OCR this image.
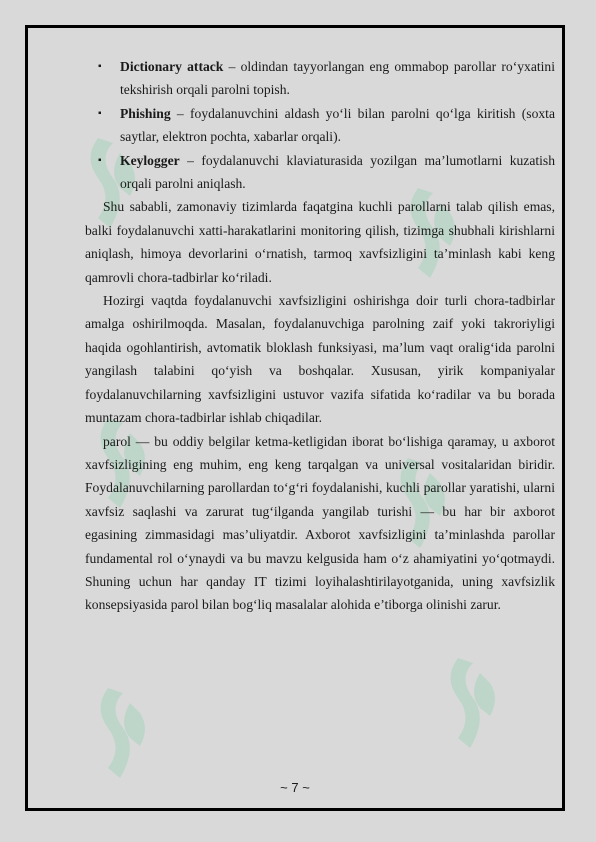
▪ Dictionary attack – oldindan tayyorlangan eng ommabop parollar ro‘yxatini tekshirish orqali parolni topish.
▪ Phishing – foydalanuvchini aldash yo‘li bilan parolni qo‘lga kiritish (soxta saytlar, elektron pochta, xabarlar orqali).
▪ Keylogger – foydalanuvchi klaviaturasida yozilgan ma’lumotlarni kuzatish orqali parolni aniqlash.

Shu sababli, zamonaviy tizimlarda faqatgina kuchli parollarni talab qilish emas, balki foydalanuvchi xatti-harakatlarini monitoring qilish, tizimga shubhali kirishlarni aniqlash, himoya devorlarini o‘rnatish, tarmoq xavfsizligini ta’minlash kabi keng qamrovli chora-tadbirlar ko‘riladi.

Hozirgi vaqtda foydalanuvchi xavfsizligini oshirishga doir turli chora-tadbirlar amalga oshirilmoqda. Masalan, foydalanuvchiga parolning zaif yoki takroriyligi haqida ogohlantirish, avtomatik bloklash funksiyasi, ma’lum vaqt oralig‘ida parolni yangilash talabini qo‘yish va boshqalar. Xususan, yirik kompaniyalar foydalanuvchilarning xavfsizligini ustuvor vazifa sifatida ko‘radilar va bu borada muntazam chora-tadbirlar ishlab chiqadilar.

parol — bu oddiy belgilar ketma-ketligidan iborat bo‘lishiga qaramay, u axborot xavfsizligining eng muhim, eng keng tarqalgan va universal vositalaridan biridir. Foydalanuvchilarning parollardan to‘g‘ri foydalanishi, kuchli parollar yaratishi, ularni xavfsiz saqlashi va zarurat tug‘ilganda yangilab turishi — bu har bir axborot egasining zimmasidagi mas’uliyatdir. Axborot xavfsizligini ta’minlashda parollar fundamental rol o‘ynaydi va bu mavzu kelgusida ham o‘z ahamiyatini yo‘qotmaydi. Shuning uchun har qanday IT tizimi loyihalashtirilayotganida, uning xavfsizlik konsepsiyasida parol bilan bog‘liq masalalar alohida e’tiborga olinishi zarur.

~ 7 ~
